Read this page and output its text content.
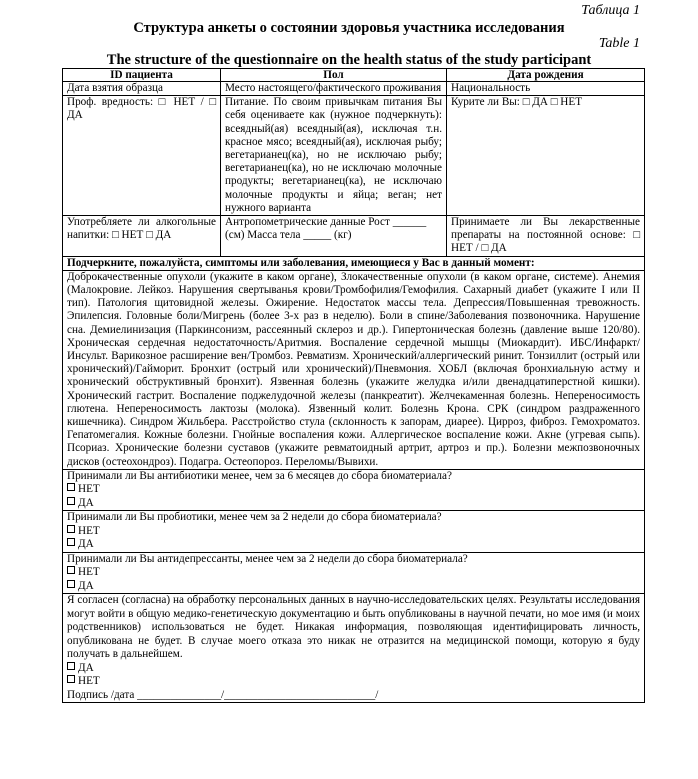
Таблица 1
Структура анкеты о состоянии здоровья участника исследования
Table 1
The structure of the questionnaire on the health status of the study participant
ID пациента	Пол	Дата рождения
Дата взятия образца	Место настоящего/фактического проживания	Национальность
Проф. вредность: □ НЕТ / □ ДА	Питание. По своим привычкам питания Вы себя оцениваете как (нужное подчеркнуть): всеядный(ая) всеядный(ая), исключая т.н. красное мясо; всеядный(ая), исключая рыбу; вегетарианец(ка), но не исключаю рыбу; вегетарианец(ка), но не исключаю молочные продукты; вегетарианец(ка), не исключаю молочные продукты и яйца; веган; нет нужного варианта	Курите ли Вы: □ ДА □ НЕТ
Употребляете ли алкогольные напитки: □ НЕТ □ ДА	Антропометрические данные Рост ______ (см) Масса тела _____ (кг)	Принимаете ли Вы лекарственные препараты на постоянной основе: □ НЕТ / □ ДА
Подчеркните, пожалуйста, симптомы или заболевания, имеющиеся у Вас в данный момент:		
Доброкачественные опухоли (укажите в каком органе), Злокачественные опухоли (в каком органе, системе). Анемия (Малокровие. Лейкоз. Нарушения свертыванья крови/Тромбофилия/Гемофилия. Сахарный диабет (укажите I или II тип). Патология щитовидной железы. Ожирение. Недостаток массы тела. Депрессия/Повышенная тревожность. Эпилепсия. Головные боли/Мигрень (более 3-х раз в неделю). Боли в спине/Заболевания позвоночника. Нарушение сна. Демиелинизация (Паркинсонизм, рассеянный склероз и др.). Гипертоническая болезнь (давление выше 120/80). Хроническая сердечная недостаточность/Аритмия. Воспаление сердечной мышцы (Миокардит). ИБС/Инфаркт/Инсульт. Варикозное расширение вен/Тромбоз. Ревматизм. Хронический/аллергический ринит. Тонзиллит (острый или хронический)/Гайморит. Бронхит (острый или хронический)/Пневмония. ХОБЛ (включая бронхиальную астму и хронический обструктивный бронхит). Язвенная болезнь (укажите желудка и/или двенадцатиперстной кишки). Хронический гастрит. Воспаление поджелудочной железы (панкреатит). Желчекаменная болезнь. Непереносимость глютена. Непереносимость лактозы (молока). Язвенный колит. Болезнь Крона. СРК (синдром раздраженного кишечника). Синдром Жильбера. Расстройство стула (склонность к запорам, диарее). Цирроз, фиброз. Гемохроматоз. Гепатомегалия. Кожные болезни. Гнойные воспаления кожи. Аллергическое воспаление кожи. Акне (угревая сыпь). Псориаз. Хронические болезни суставов (укажите ревматоидный артрит, артроз и пр.). Болезни межпозвоночных дисков (остеохондроз). Подагра. Остеопороз. Переломы/Вывихи.		

Принимали ли Вы антибиотики менее, чем за 6 месяцев до сбора биоматериала?
НЕТ
ДА		

Принимали ли Вы пробиотики, менее чем за 2 недели до сбора биоматериала?
НЕТ
ДА		

Принимали ли Вы антидепрессанты, менее чем за 2 недели до сбора биоматериала?
НЕТ
ДА		

Я согласен (согласна) на обработку персональных данных в научно-исследовательских целях. Результаты исследования могут войти в общую медико-генетическую документацию и быть опубликованы в научной печати, но мое имя (и моих родственников) использоваться не будет. Никакая информация, позволяющая идентифицировать личность, опубликована не будет. В случае моего отказа это никак не отразится на медицинской помощи, которую я буду получать в дальнейшем.
ДА
НЕТ
Подпись /дата _______________/___________________________/		
